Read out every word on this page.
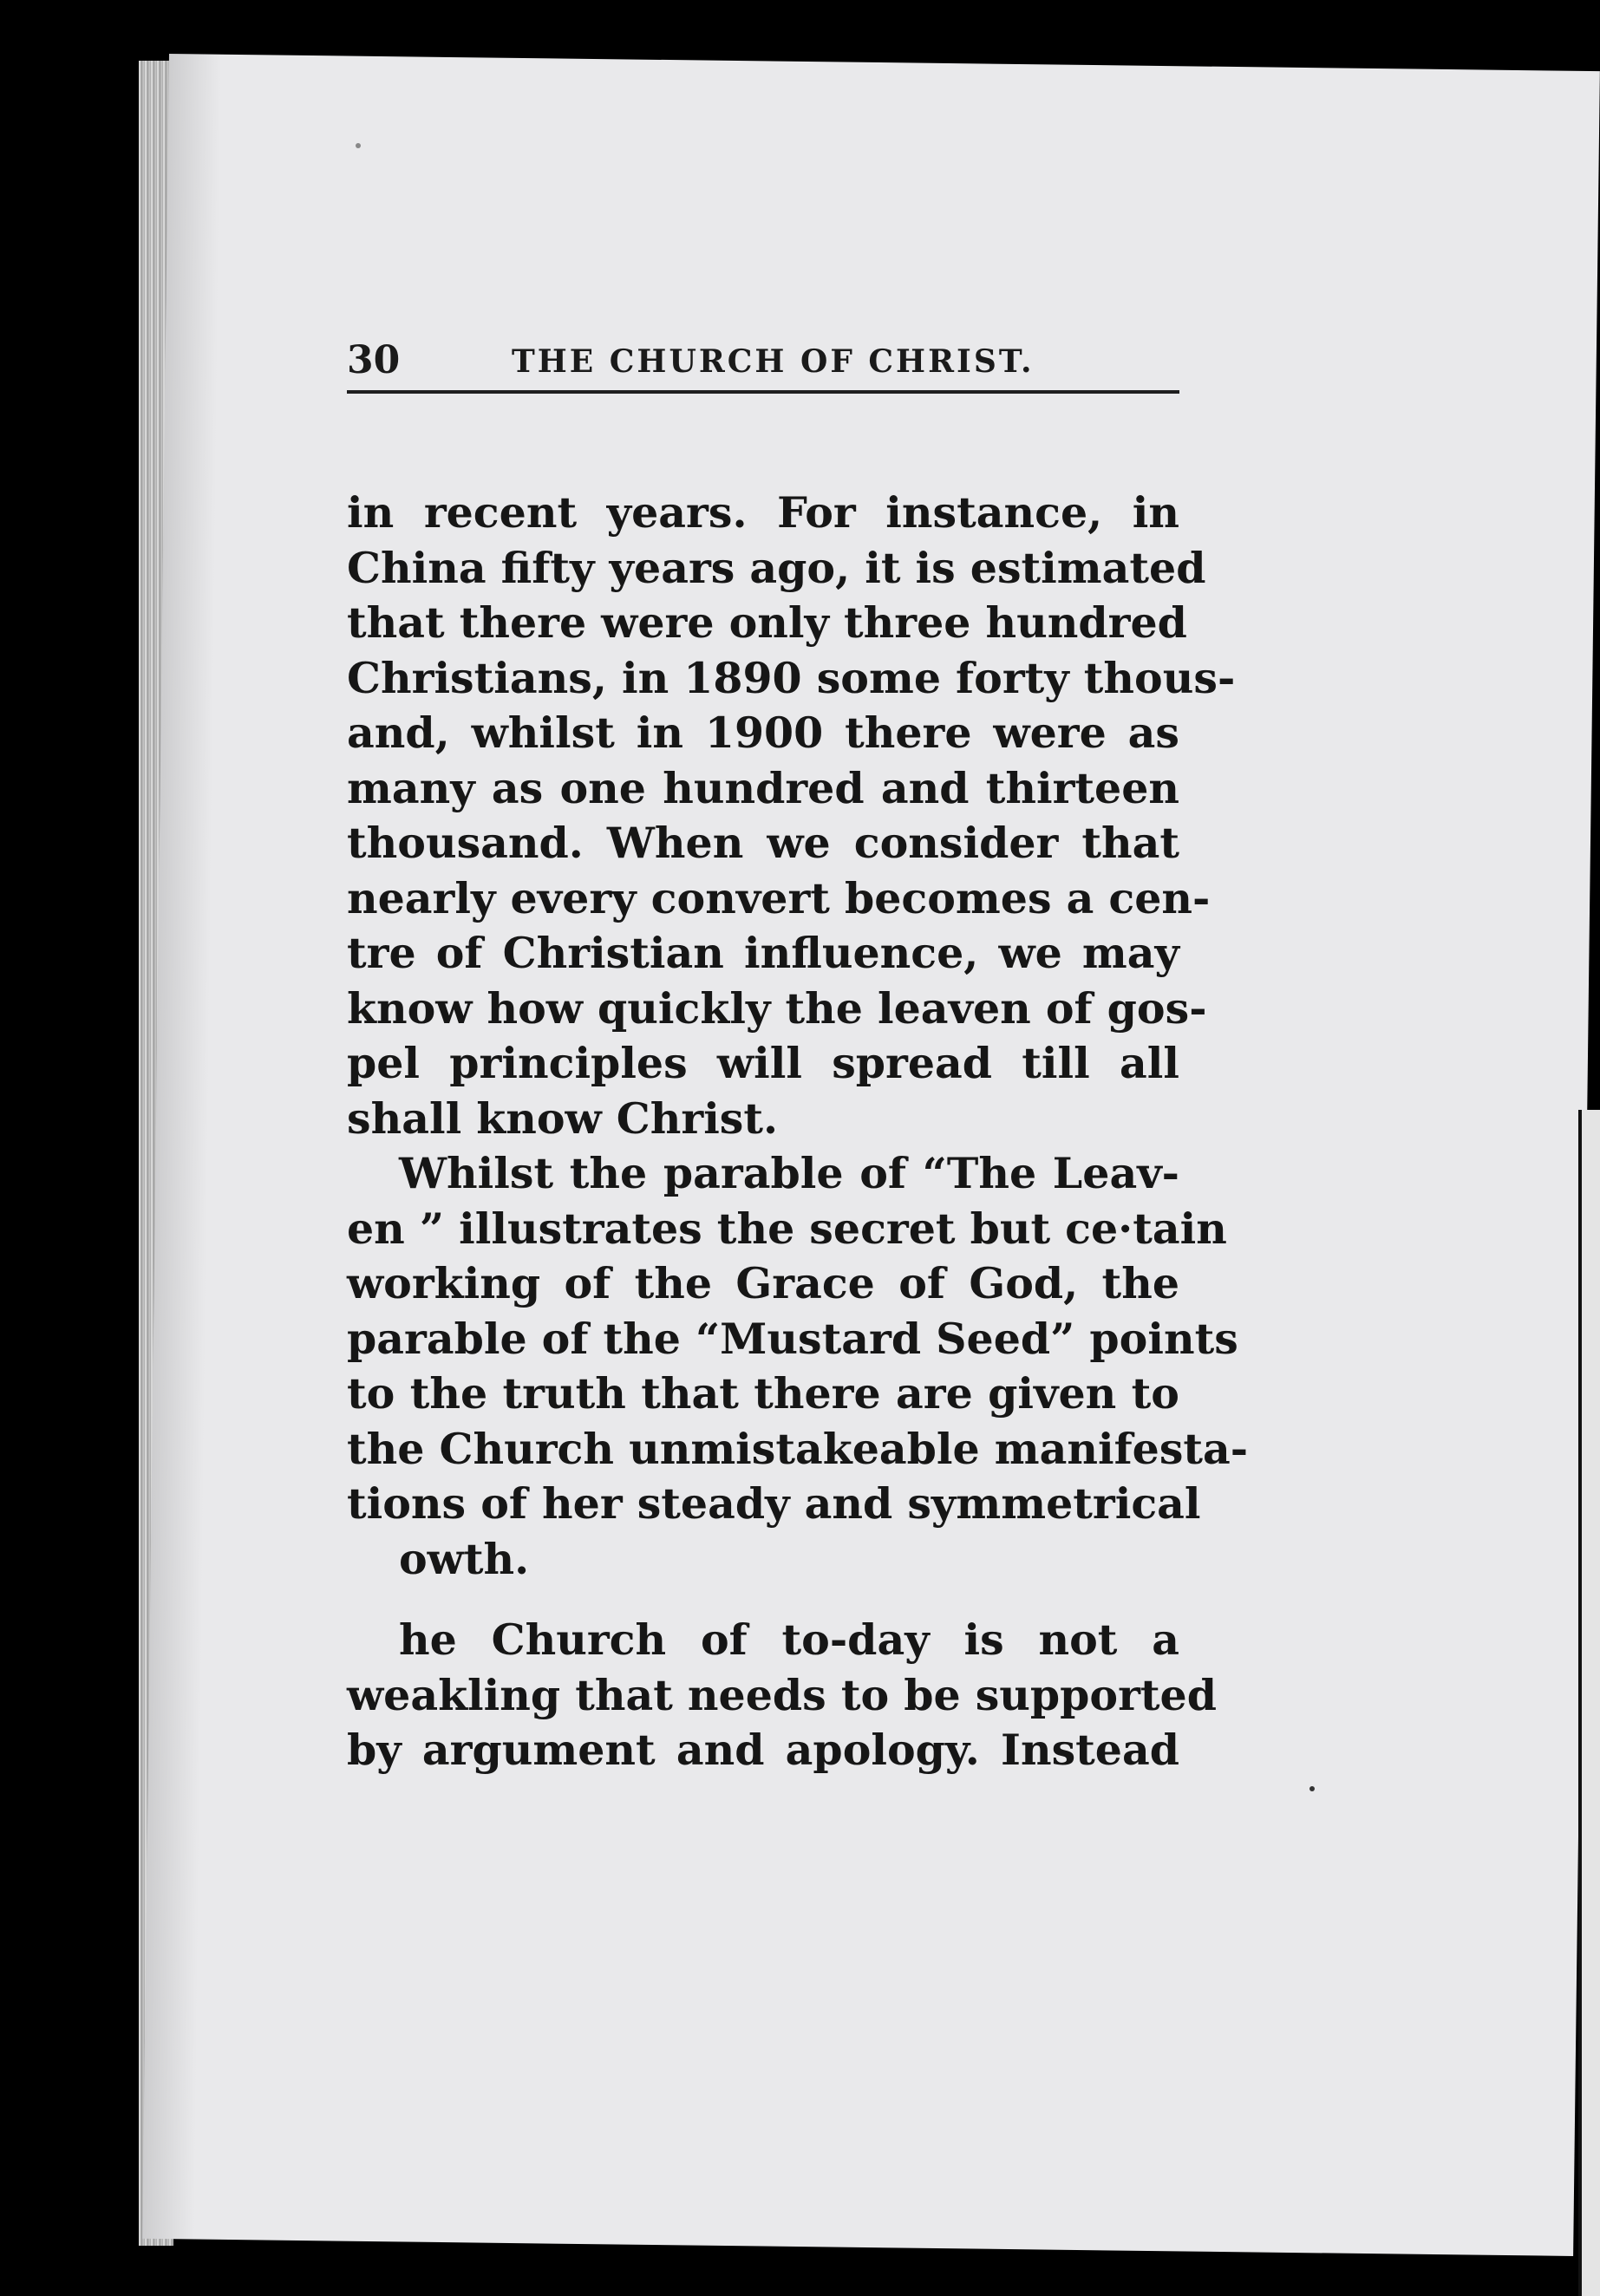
30	THE CHURCH OF CHRIST.
in recent years. For instance, in
China fifty years ago, it is estimated
that there were only three hundred
Christians, in 1890 some forty thous-
and, whilst in 1900 there were as
many as one hundred and thirteen
thousand. When we consider that
nearly every convert becomes a cen-
tre of Christian influence, we may
know how quickly the leaven of gos-
pel principles will spread till all
shall know Christ.
Whilst the parable of “The Leav-
en ” illustrates the secret but ce·tain
working of the Grace of God, the
parable of the “Mustard Seed” points
to the truth that there are given to
the Church unmistakeable manifesta-
tions of her steady and symmetrical
owth.
he Church of to-day is not a
weakling that needs to be supported
by argument and apology. Instead
